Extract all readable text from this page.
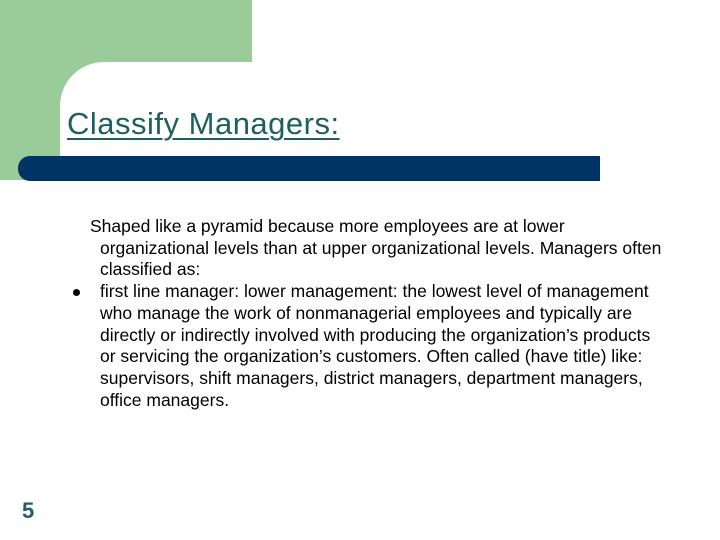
Classify Managers:

Shaped like a pyramid because more employees are at lower organizational levels than at upper organizational levels. Managers often classified as:

first line manager: lower management: the lowest level of management who manage the work of nonmanagerial employees and typically are directly or indirectly involved with producing the organization’s products or servicing the organization’s customers. Often called (have title) like: supervisors, shift managers, district managers, department managers, office managers.
5
